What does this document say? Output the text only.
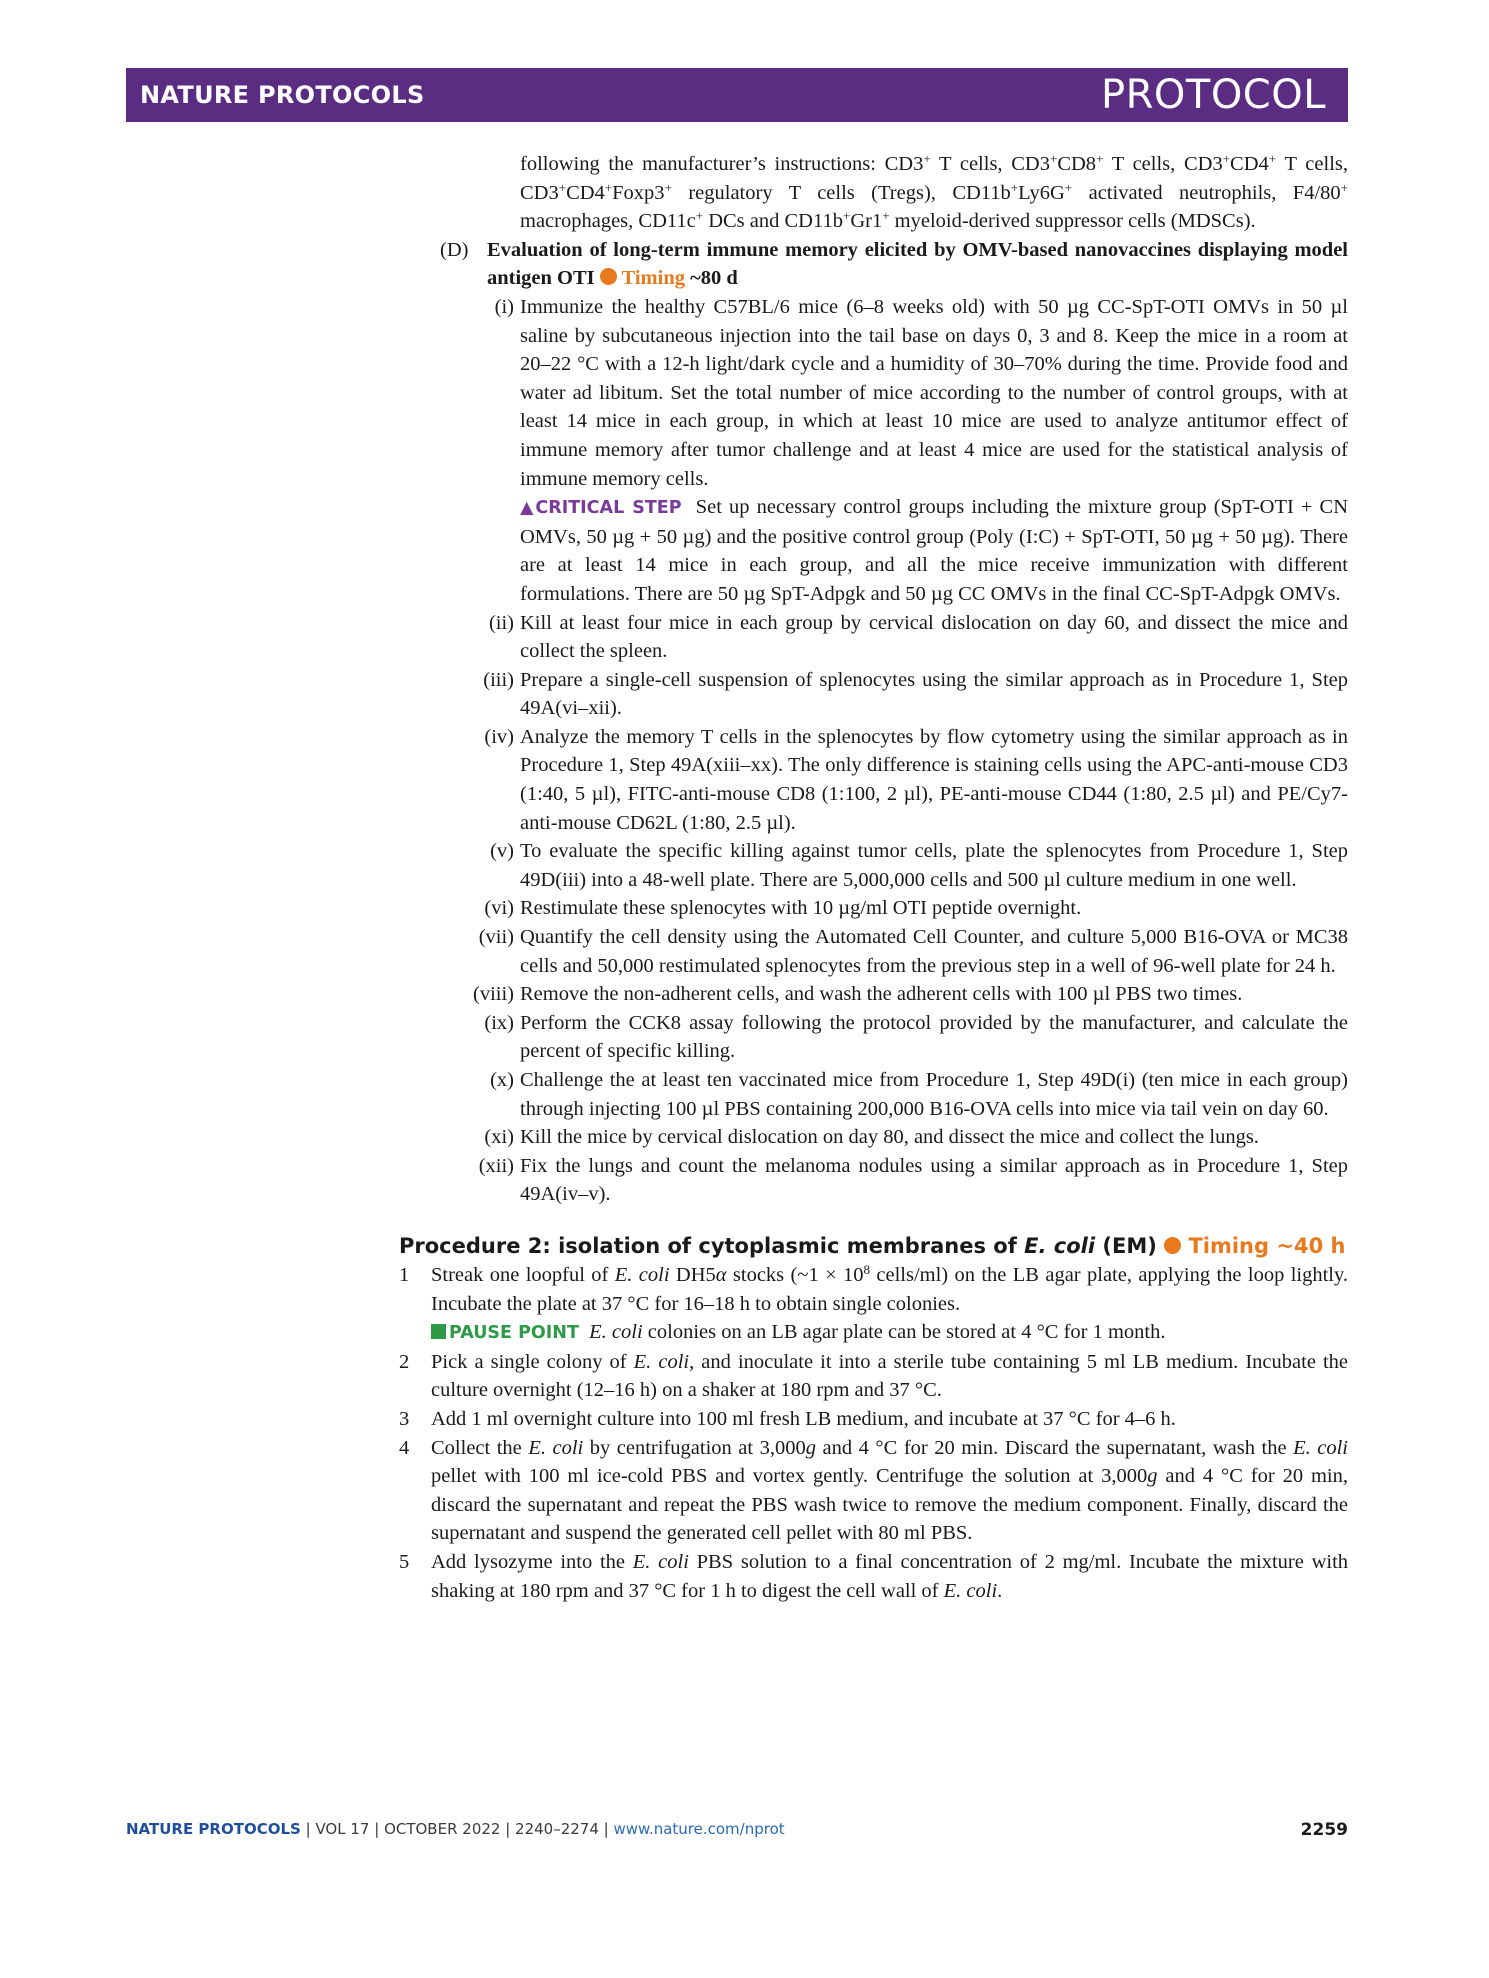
NATURE PROTOCOLS	PROTOCOL
following the manufacturer’s instructions: CD3+ T cells, CD3+CD8+ T cells, CD3+CD4+ T cells, CD3+CD4+Foxp3+ regulatory T cells (Tregs), CD11b+Ly6G+ activated neutrophils, F4/80+ macrophages, CD11c+ DCs and CD11b+Gr1+ myeloid-derived suppressor cells (MDSCs).
(D) Evaluation of long-term immune memory elicited by OMV-based nanovaccines displaying model antigen OTI Timing ~80 d
(i) Immunize the healthy C57BL/6 mice (6–8 weeks old) with 50 µg CC-SpT-OTI OMVs in 50 µl saline by subcutaneous injection into the tail base on days 0, 3 and 8. Keep the mice in a room at 20–22 °C with a 12-h light/dark cycle and a humidity of 30–70% during the time. Provide food and water ad libitum. Set the total number of mice according to the number of control groups, with at least 14 mice in each group, in which at least 10 mice are used to analyze antitumor effect of immune memory after tumor challenge and at least 4 mice are used for the statistical analysis of immune memory cells.
▲CRITICAL STEP Set up necessary control groups including the mixture group (SpT-OTI + CN OMVs, 50 µg + 50 µg) and the positive control group (Poly (I:C) + SpT-OTI, 50 µg + 50 µg). There are at least 14 mice in each group, and all the mice receive immunization with different formulations. There are 50 µg SpT-Adpgk and 50 µg CC OMVs in the final CC-SpT-Adpgk OMVs.
(ii) Kill at least four mice in each group by cervical dislocation on day 60, and dissect the mice and collect the spleen.
(iii) Prepare a single-cell suspension of splenocytes using the similar approach as in Procedure 1, Step 49A(vi–xii).
(iv) Analyze the memory T cells in the splenocytes by flow cytometry using the similar approach as in Procedure 1, Step 49A(xiii–xx). The only difference is staining cells using the APC-anti-mouse CD3 (1:40, 5 µl), FITC-anti-mouse CD8 (1:100, 2 µl), PE-anti-mouse CD44 (1:80, 2.5 µl) and PE/Cy7-anti-mouse CD62L (1:80, 2.5 µl).
(v) To evaluate the specific killing against tumor cells, plate the splenocytes from Procedure 1, Step 49D(iii) into a 48-well plate. There are 5,000,000 cells and 500 µl culture medium in one well.
(vi) Restimulate these splenocytes with 10 µg/ml OTI peptide overnight.
(vii) Quantify the cell density using the Automated Cell Counter, and culture 5,000 B16-OVA or MC38 cells and 50,000 restimulated splenocytes from the previous step in a well of 96-well plate for 24 h.
(viii) Remove the non-adherent cells, and wash the adherent cells with 100 µl PBS two times.
(ix) Perform the CCK8 assay following the protocol provided by the manufacturer, and calculate the percent of specific killing.
(x) Challenge the at least ten vaccinated mice from Procedure 1, Step 49D(i) (ten mice in each group) through injecting 100 µl PBS containing 200,000 B16-OVA cells into mice via tail vein on day 60.
(xi) Kill the mice by cervical dislocation on day 80, and dissect the mice and collect the lungs.
(xii) Fix the lungs and count the melanoma nodules using a similar approach as in Procedure 1, Step 49A(iv–v).
Procedure 2: isolation of cytoplasmic membranes of E. coli (EM) Timing ~40 h
1	Streak one loopful of E. coli DH5α stocks (~1 × $10^8$ cells/ml) on the LB agar plate, applying the loop lightly. Incubate the plate at 37 °C for 16–18 h to obtain single colonies.
PAUSE POINT E. coli colonies on an LB agar plate can be stored at 4 °C for 1 month.
2	Pick a single colony of E. coli, and inoculate it into a sterile tube containing 5 ml LB medium. Incubate the culture overnight (12–16 h) on a shaker at 180 rpm and 37 °C.
3	Add 1 ml overnight culture into 100 ml fresh LB medium, and incubate at 37 °C for 4–6 h.
4	Collect the E. coli by centrifugation at 3,000g and 4 °C for 20 min. Discard the supernatant, wash the E. coli pellet with 100 ml ice-cold PBS and vortex gently. Centrifuge the solution at 3,000g and 4 °C for 20 min, discard the supernatant and repeat the PBS wash twice to remove the medium component. Finally, discard the supernatant and suspend the generated cell pellet with 80 ml PBS.
5	Add lysozyme into the E. coli PBS solution to a final concentration of 2 mg/ml. Incubate the mixture with shaking at 180 rpm and 37 °C for 1 h to digest the cell wall of E. coli.
NATURE PROTOCOLS | VOL 17 | OCTOBER 2022 | 2240–2274 | www.nature.com/nprot	2259
